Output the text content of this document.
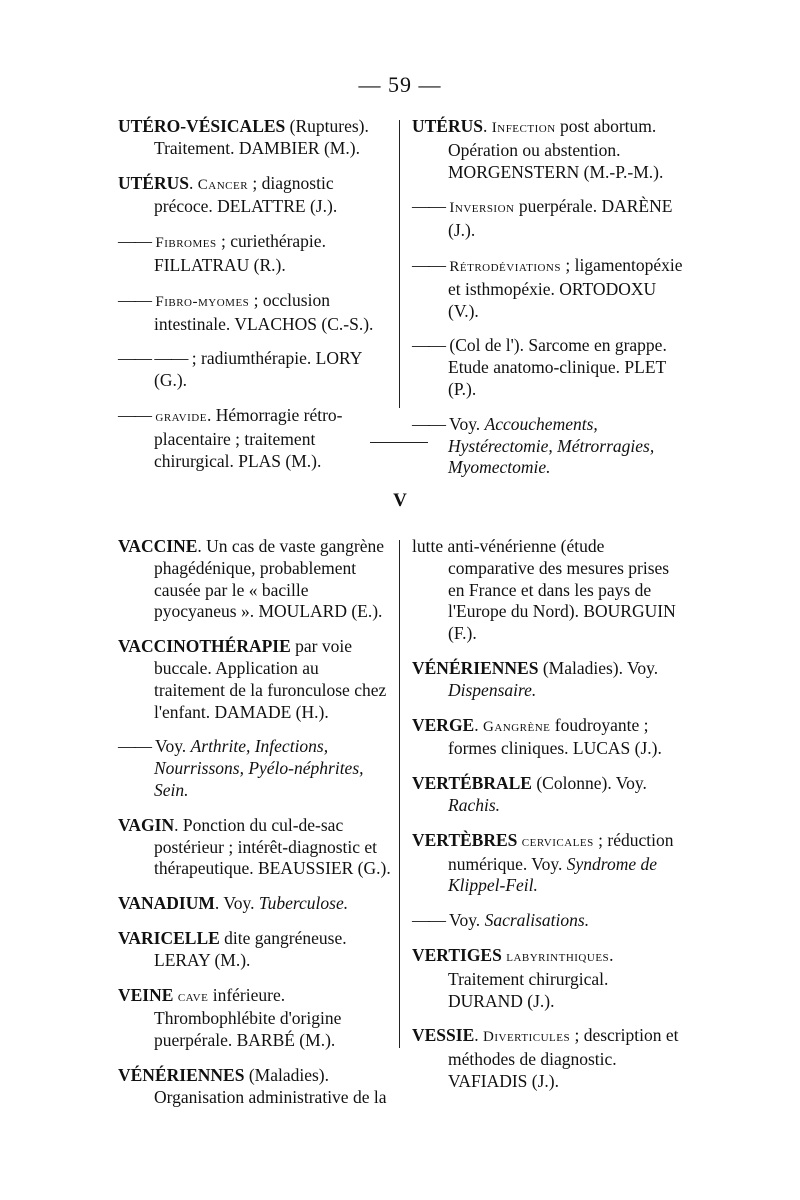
— 59 —
UTÉRO-VÉSICALES (Ruptures). Traitement. DAMBIER (M.).
UTÉRUS. Cancer ; diagnostic précoce. DELATTRE (J.).
—— Fibromes ; curiethérapie. FILLATRAU (R.).
—— Fibro-myomes ; occlusion intestinale. VLACHOS (C.-S.).
—— —— ; radiumthérapie. LORY (G.).
—— gravide. Hémorragie rétro-placentaire ; traitement chirurgical. PLAS (M.).
UTÉRUS. Infection post abortum. Opération ou abstention. MORGENSTERN (M.-P.-M.).
—— Inversion puerpérale. DARÈNE (J.).
—— Rétrodéviations ; ligamentopéxie et isthmopéxie. ORTODOXU (V.).
—— (Col de l'). Sarcome en grappe. Etude anatomo-clinique. PLET (P.).
—— Voy. Accouchements, Hystérectomie, Métrorragies, Myomectomie.
V
VACCINE. Un cas de vaste gangrène phagédénique, probablement causée par le « bacille pyocyaneus ». MOULARD (E.).
VACCINOTHÉRAPIE par voie buccale. Application au traitement de la furonculose chez l'enfant. DAMADE (H.).
—— Voy. Arthrite, Infections, Nourrissons, Pyélo-néphrites, Sein.
VAGIN. Ponction du cul-de-sac postérieur ; intérêt-diagnostic et thérapeutique. BEAUSSIER (G.).
VANADIUM. Voy. Tuberculose.
VARICELLE dite gangréneuse. LERAY (M.).
VEINE cave inférieure. Thrombophlébite d'origine puerpérale. BARBÉ (M.).
VÉNÉRIENNES (Maladies). Organisation administrative de la
lutte anti-vénérienne (étude comparative des mesures prises en France et dans les pays de l'Europe du Nord). BOURGUIN (F.).
VÉNÉRIENNES (Maladies). Voy. Dispensaire.
VERGE. Gangrène foudroyante ; formes cliniques. LUCAS (J.).
VERTÉBRALE (Colonne). Voy. Rachis.
VERTÈBRES cervicales ; réduction numérique. Voy. Syndrome de Klippel-Feil.
—— Voy. Sacralisations.
VERTIGES labyrinthiques. Traitement chirurgical. DURAND (J.).
VESSIE. Diverticules ; description et méthodes de diagnostic. VAFIADIS (J.).
